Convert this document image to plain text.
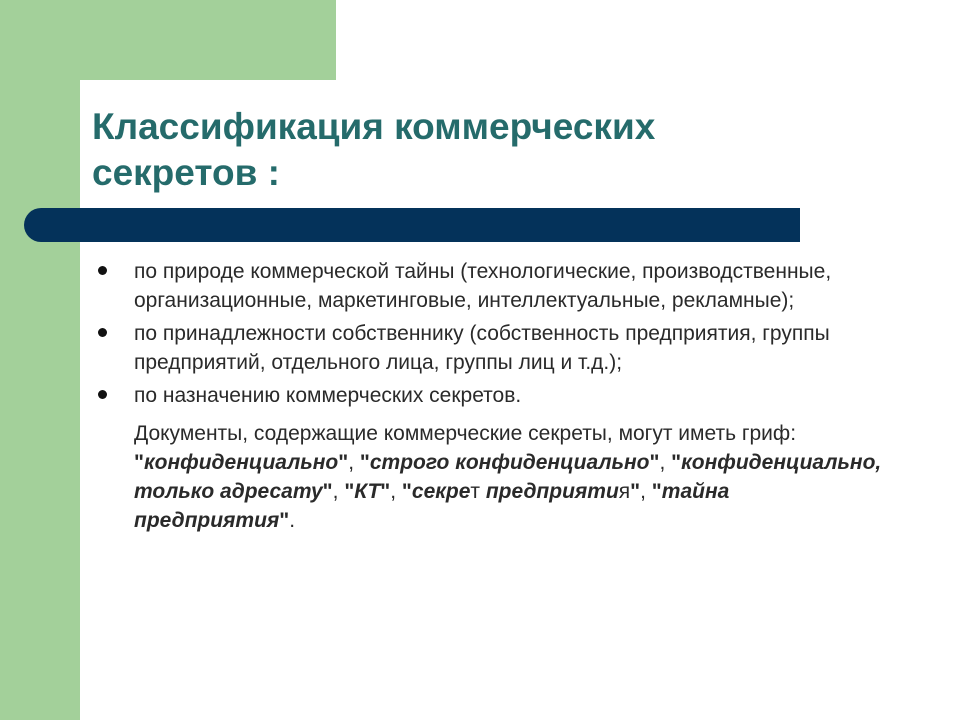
Классификация коммерческих
секретов :
по природе коммерческой тайны (технологические, производственные, организационные, маркетинговые, интеллектуальные, рекламные);
по принадлежности собственнику (собственность предприятия, группы предприятий, отдельного лица, группы лиц и т.д.);
по назначению коммерческих секретов.
Документы, содержащие коммерческие секреты, могут иметь гриф: "конфиденциально", "строго конфиденциально", "конфиденциально, только адресату", "КТ", "секрет предприятия", "тайна предприятия".
